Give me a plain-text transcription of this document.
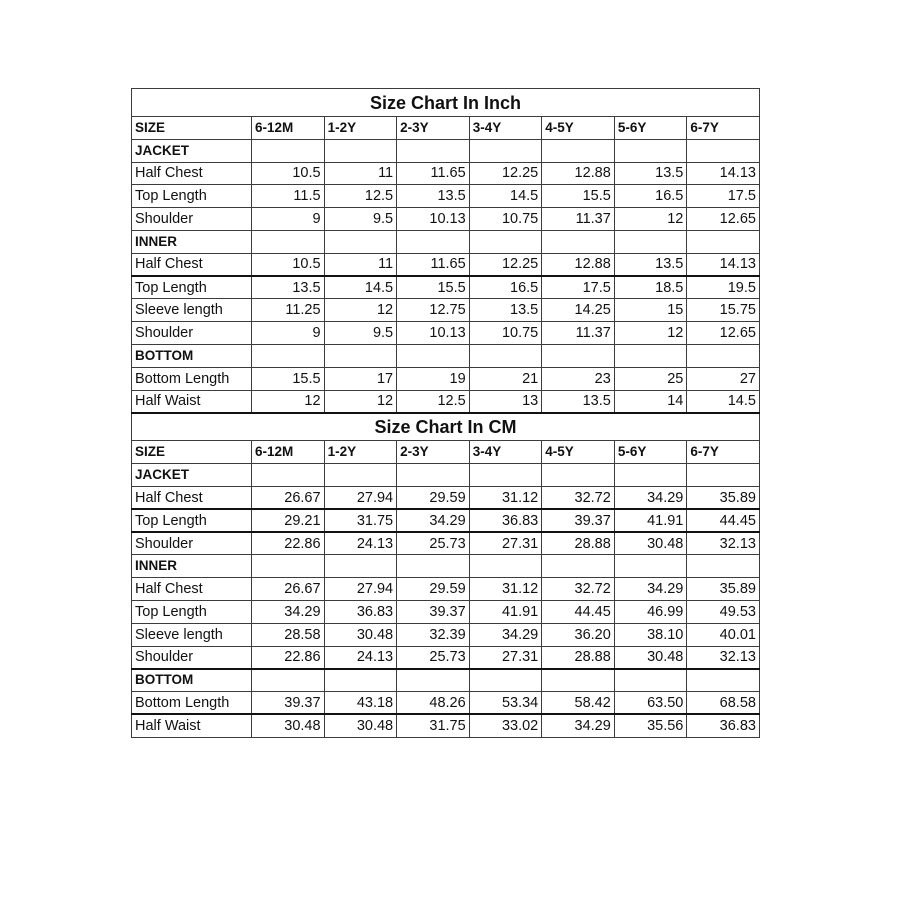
Size Chart In Inch							
SIZE	6-12M	1-2Y	2-3Y	3-4Y	4-5Y	5-6Y	6-7Y
JACKET							
Half Chest	10.5	11	11.65	12.25	12.88	13.5	14.13
Top Length	11.5	12.5	13.5	14.5	15.5	16.5	17.5
Shoulder	9	9.5	10.13	10.75	11.37	12	12.65
INNER							
Half Chest	10.5	11	11.65	12.25	12.88	13.5	14.13
Top Length	13.5	14.5	15.5	16.5	17.5	18.5	19.5
Sleeve length	11.25	12	12.75	13.5	14.25	15	15.75
Shoulder	9	9.5	10.13	10.75	11.37	12	12.65
BOTTOM							
Bottom Length	15.5	17	19	21	23	25	27
Half Waist	12	12	12.5	13	13.5	14	14.5
Size Chart In CM							
SIZE	6-12M	1-2Y	2-3Y	3-4Y	4-5Y	5-6Y	6-7Y
JACKET							
Half Chest	26.67	27.94	29.59	31.12	32.72	34.29	35.89
Top Length	29.21	31.75	34.29	36.83	39.37	41.91	44.45
Shoulder	22.86	24.13	25.73	27.31	28.88	30.48	32.13
INNER							
Half Chest	26.67	27.94	29.59	31.12	32.72	34.29	35.89
Top Length	34.29	36.83	39.37	41.91	44.45	46.99	49.53
Sleeve length	28.58	30.48	32.39	34.29	36.20	38.10	40.01
Shoulder	22.86	24.13	25.73	27.31	28.88	30.48	32.13
BOTTOM							
Bottom Length	39.37	43.18	48.26	53.34	58.42	63.50	68.58
Half Waist	30.48	30.48	31.75	33.02	34.29	35.56	36.83
